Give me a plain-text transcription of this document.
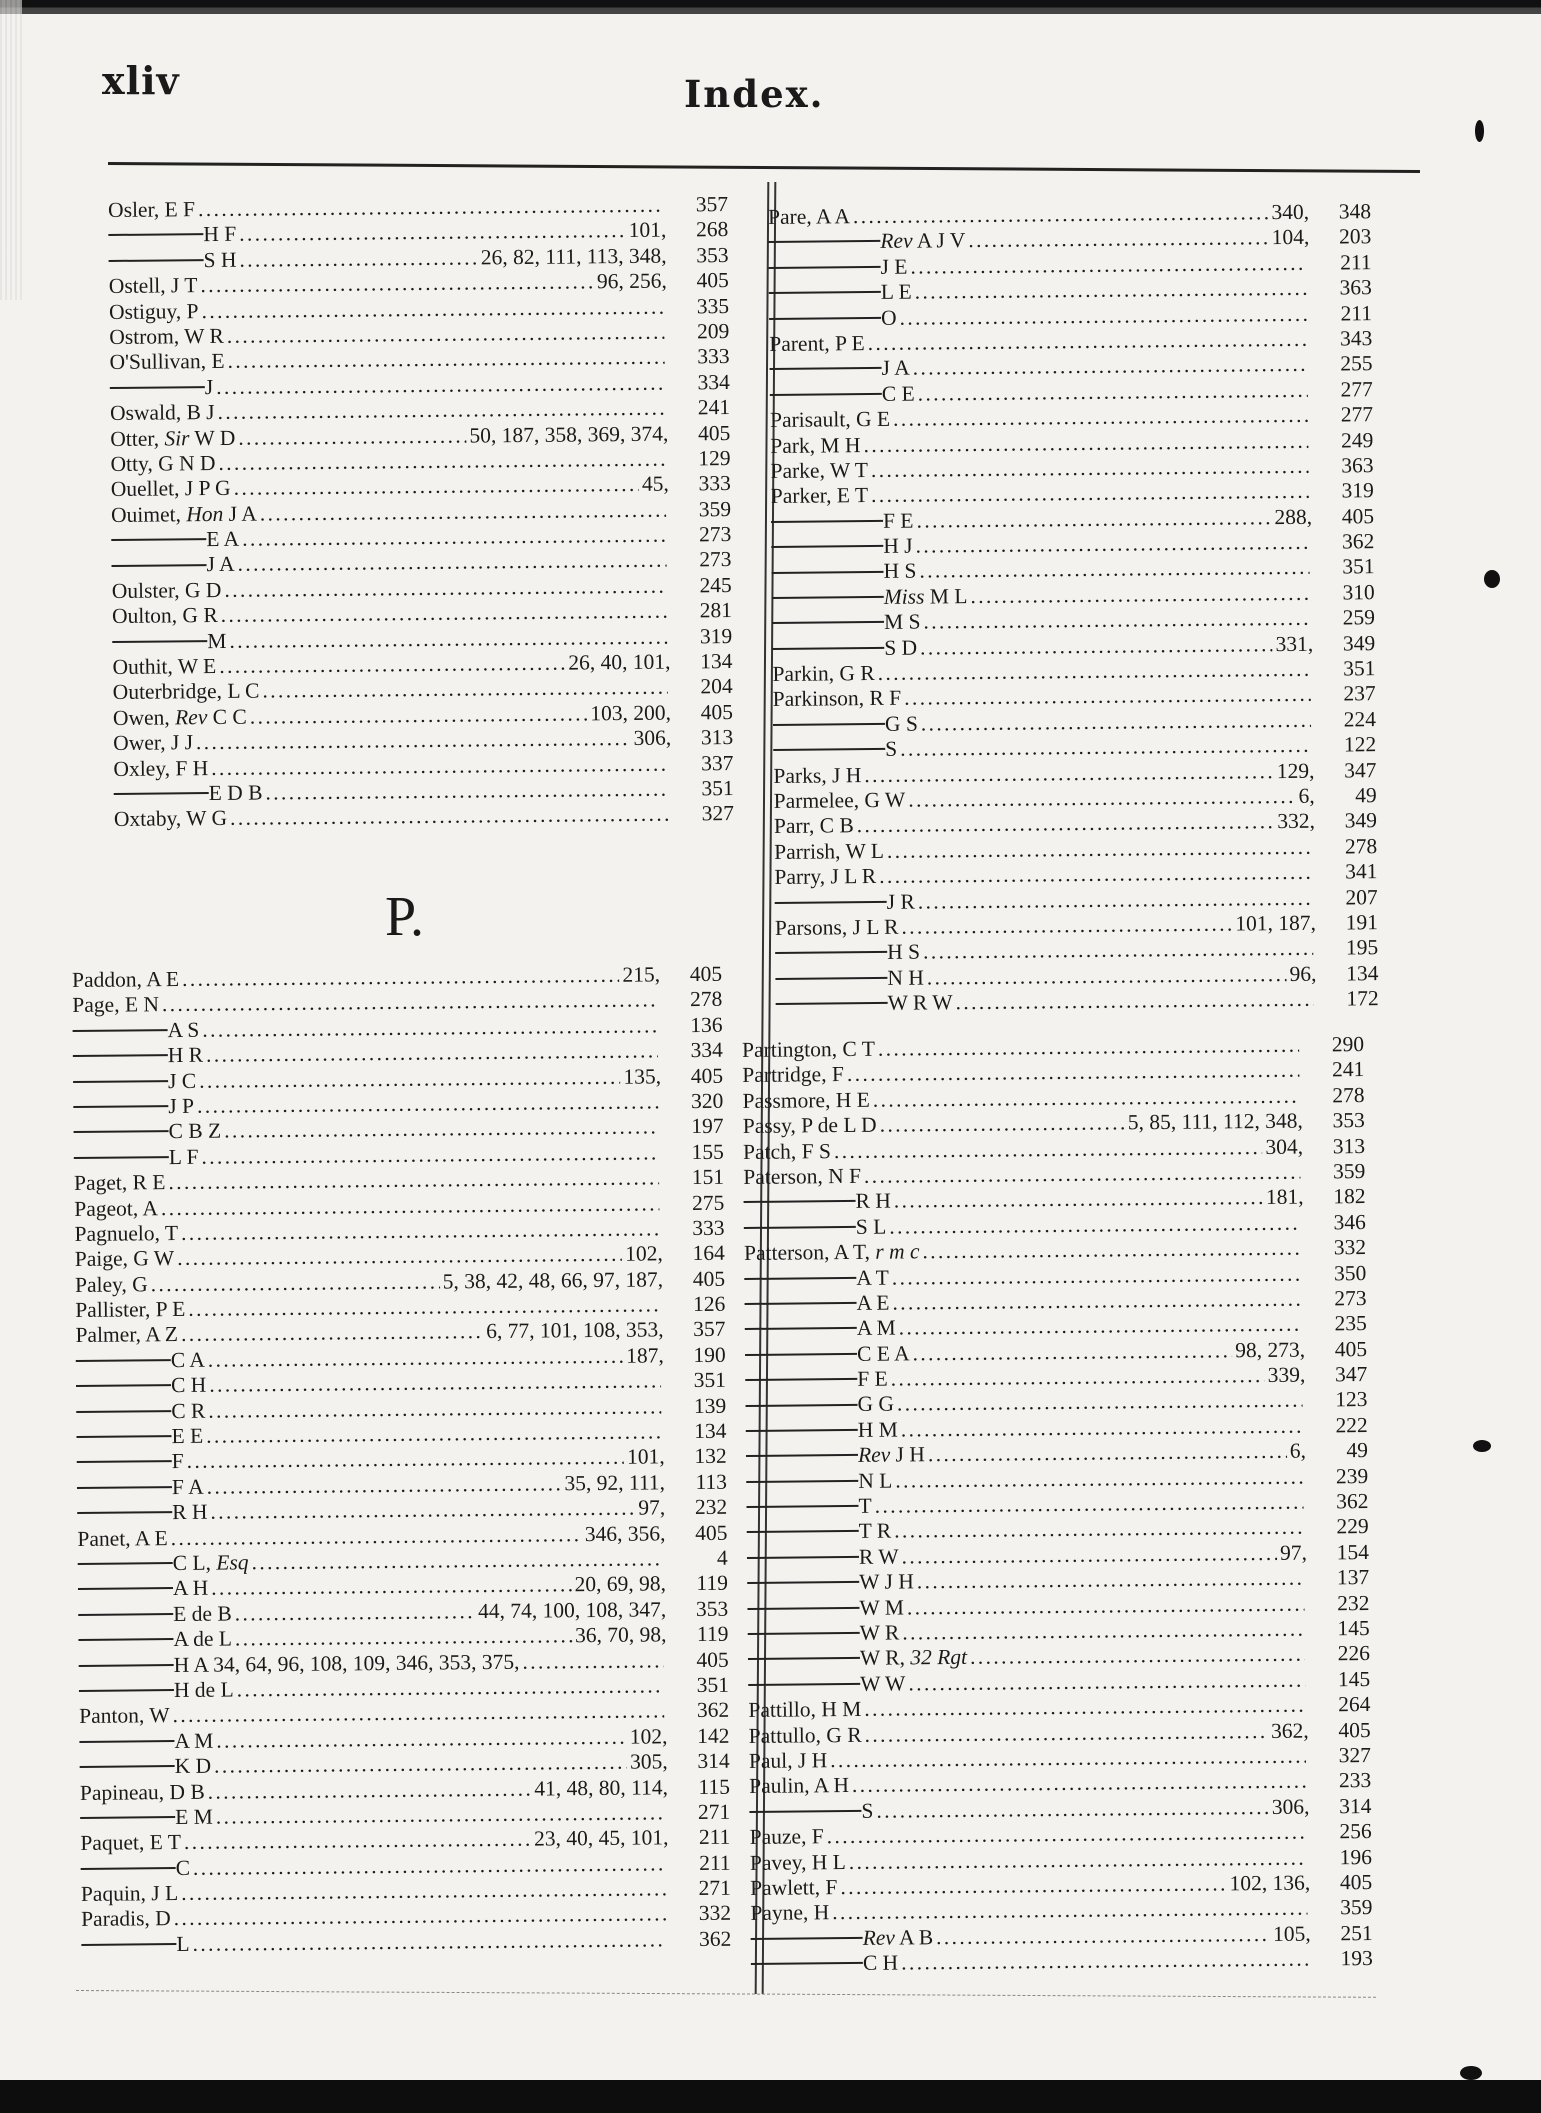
xliv	Index.
Osler, E F . . .	357
H F . . .	101,	268
S H . . .	26, 82, 111, 113, 348,	353
Ostell, J T . . .	96, 256,	405
Ostiguy, P . . .	335
Ostrom, W R . . .	209
O'Sullivan, E . . .	333
J . . .	334
Oswald, B J . . .	241
Otter, Sir W D . . .	50, 187, 358, 369, 374,	405
Otty, G N D . . .	129
Ouellet, J P G . . .	45,	333
Ouimet, Hon J A . . .	359
E A . . .	273
J A . . .	273
Oulster, G D . . .	245
Oulton, G R . . .	281
M . . .	319
Outhit, W E . . .	26, 40, 101,	134
Outerbridge, L C . . .	204
Owen, Rev C C . . .	103, 200,	405
Ower, J J . . .	306,	313
Oxley, F H . . .	337
E D B . . .	351
Oxtaby, W G . . .	327
P.
Paddon, A E . . .	215,	405
Page, E N . . .	278
A S . . .	136
H R . . .	334
J C . . .	135,	405
J P . . .	320
C B Z . . .	197
L F . . .	155
Paget, R E . . .	151
Pageot, A . . .	275
Pagnuelo, T . . .	333
Paige, G W . . .	102,	164
Paley, G . . .	5, 38, 42, 48, 66, 97, 187,	405
Pallister, P E . . .	126
Palmer, A Z . . .	6, 77, 101, 108, 353,	357
C A . . .	187,	190
C H . . .	351
C R . . .	139
E E . . .	134
F . . .	101,	132
F A . . .	35, 92, 111,	113
R H . . .	97,	232
Panet, A E . . .	346, 356,	405
C L, Esq . . .	4
A H . . .	20, 69, 98,	119
E de B . . .	44, 74, 100, 108, 347,	353
A de L . . .	36, 70, 98,	119
H A 34, 64, 96, 108, 109, 346, 353, 375, . . .	405
H de L . . .	351
Panton, W . . .	362
A M . . .	102,	142
K D . . .	305,	314
Papineau, D B . . .	41, 48, 80, 114,	115
E M . . .	271
Paquet, E T . . .	23, 40, 45, 101,	211
C . . .	211
Paquin, J L . . .	271
Paradis, D . . .	332
L . . .	362
Pare, A A . . .	340,	348
Rev A J V . . .	104,	203
J E . . .	211
L E . . .	363
O . . .	211
Parent, P E . . .	343
J A . . .	255
C E . . .	277
Parisault, G E . . .	277
Park, M H . . .	249
Parke, W T . . .	363
Parker, E T . . .	319
F E . . .	288,	405
H J . . .	362
H S . . .	351
Miss M L . . .	310
M S . . .	259
S D . . .	331,	349
Parkin, G R . . .	351
Parkinson, R F . . .	237
G S . . .	224
S . . .	122
Parks, J H . . .	129,	347
Parmelee, G W . . .	6,	49
Parr, C B . . .	332,	349
Parrish, W L . . .	278
Parry, J L R . . .	341
J R . . .	207
Parsons, J L R . . .	101, 187,	191
H S . . .	195
N H . . .	96,	134
W R W . . .	172
Partington, C T . . .	290
Partridge, F . . .	241
Passmore, H E . . .	278
Passy, P de L D . . .	5, 85, 111, 112, 348,	353
Patch, F S . . .	304,	313
Paterson, N F . . .	359
R H . . .	181,	182
S L . . .	346
Patterson, A T, r m c . . .	332
A T . . .	350
A E . . .	273
A M . . .	235
C E A . . .	98, 273,	405
F E . . .	339,	347
G G . . .	123
H M . . .	222
Rev J H . . .	6,	49
N L . . .	239
T . . .	362
T R . . .	229
R W . . .	97,	154
W J H . . .	137
W M . . .	232
W R . . .	145
W R, 32 Rgt . . .	226
W W . . .	145
Pattillo, H M . . .	264
Pattullo, G R . . .	362,	405
Paul, J H . . .	327
Paulin, A H . . .	233
S . . .	306,	314
Pauze, F . . .	256
Pavey, H L . . .	196
Pawlett, F . . .	102, 136,	405
Payne, H . . .	359
Rev A B . . .	105,	251
C H . . .	193
